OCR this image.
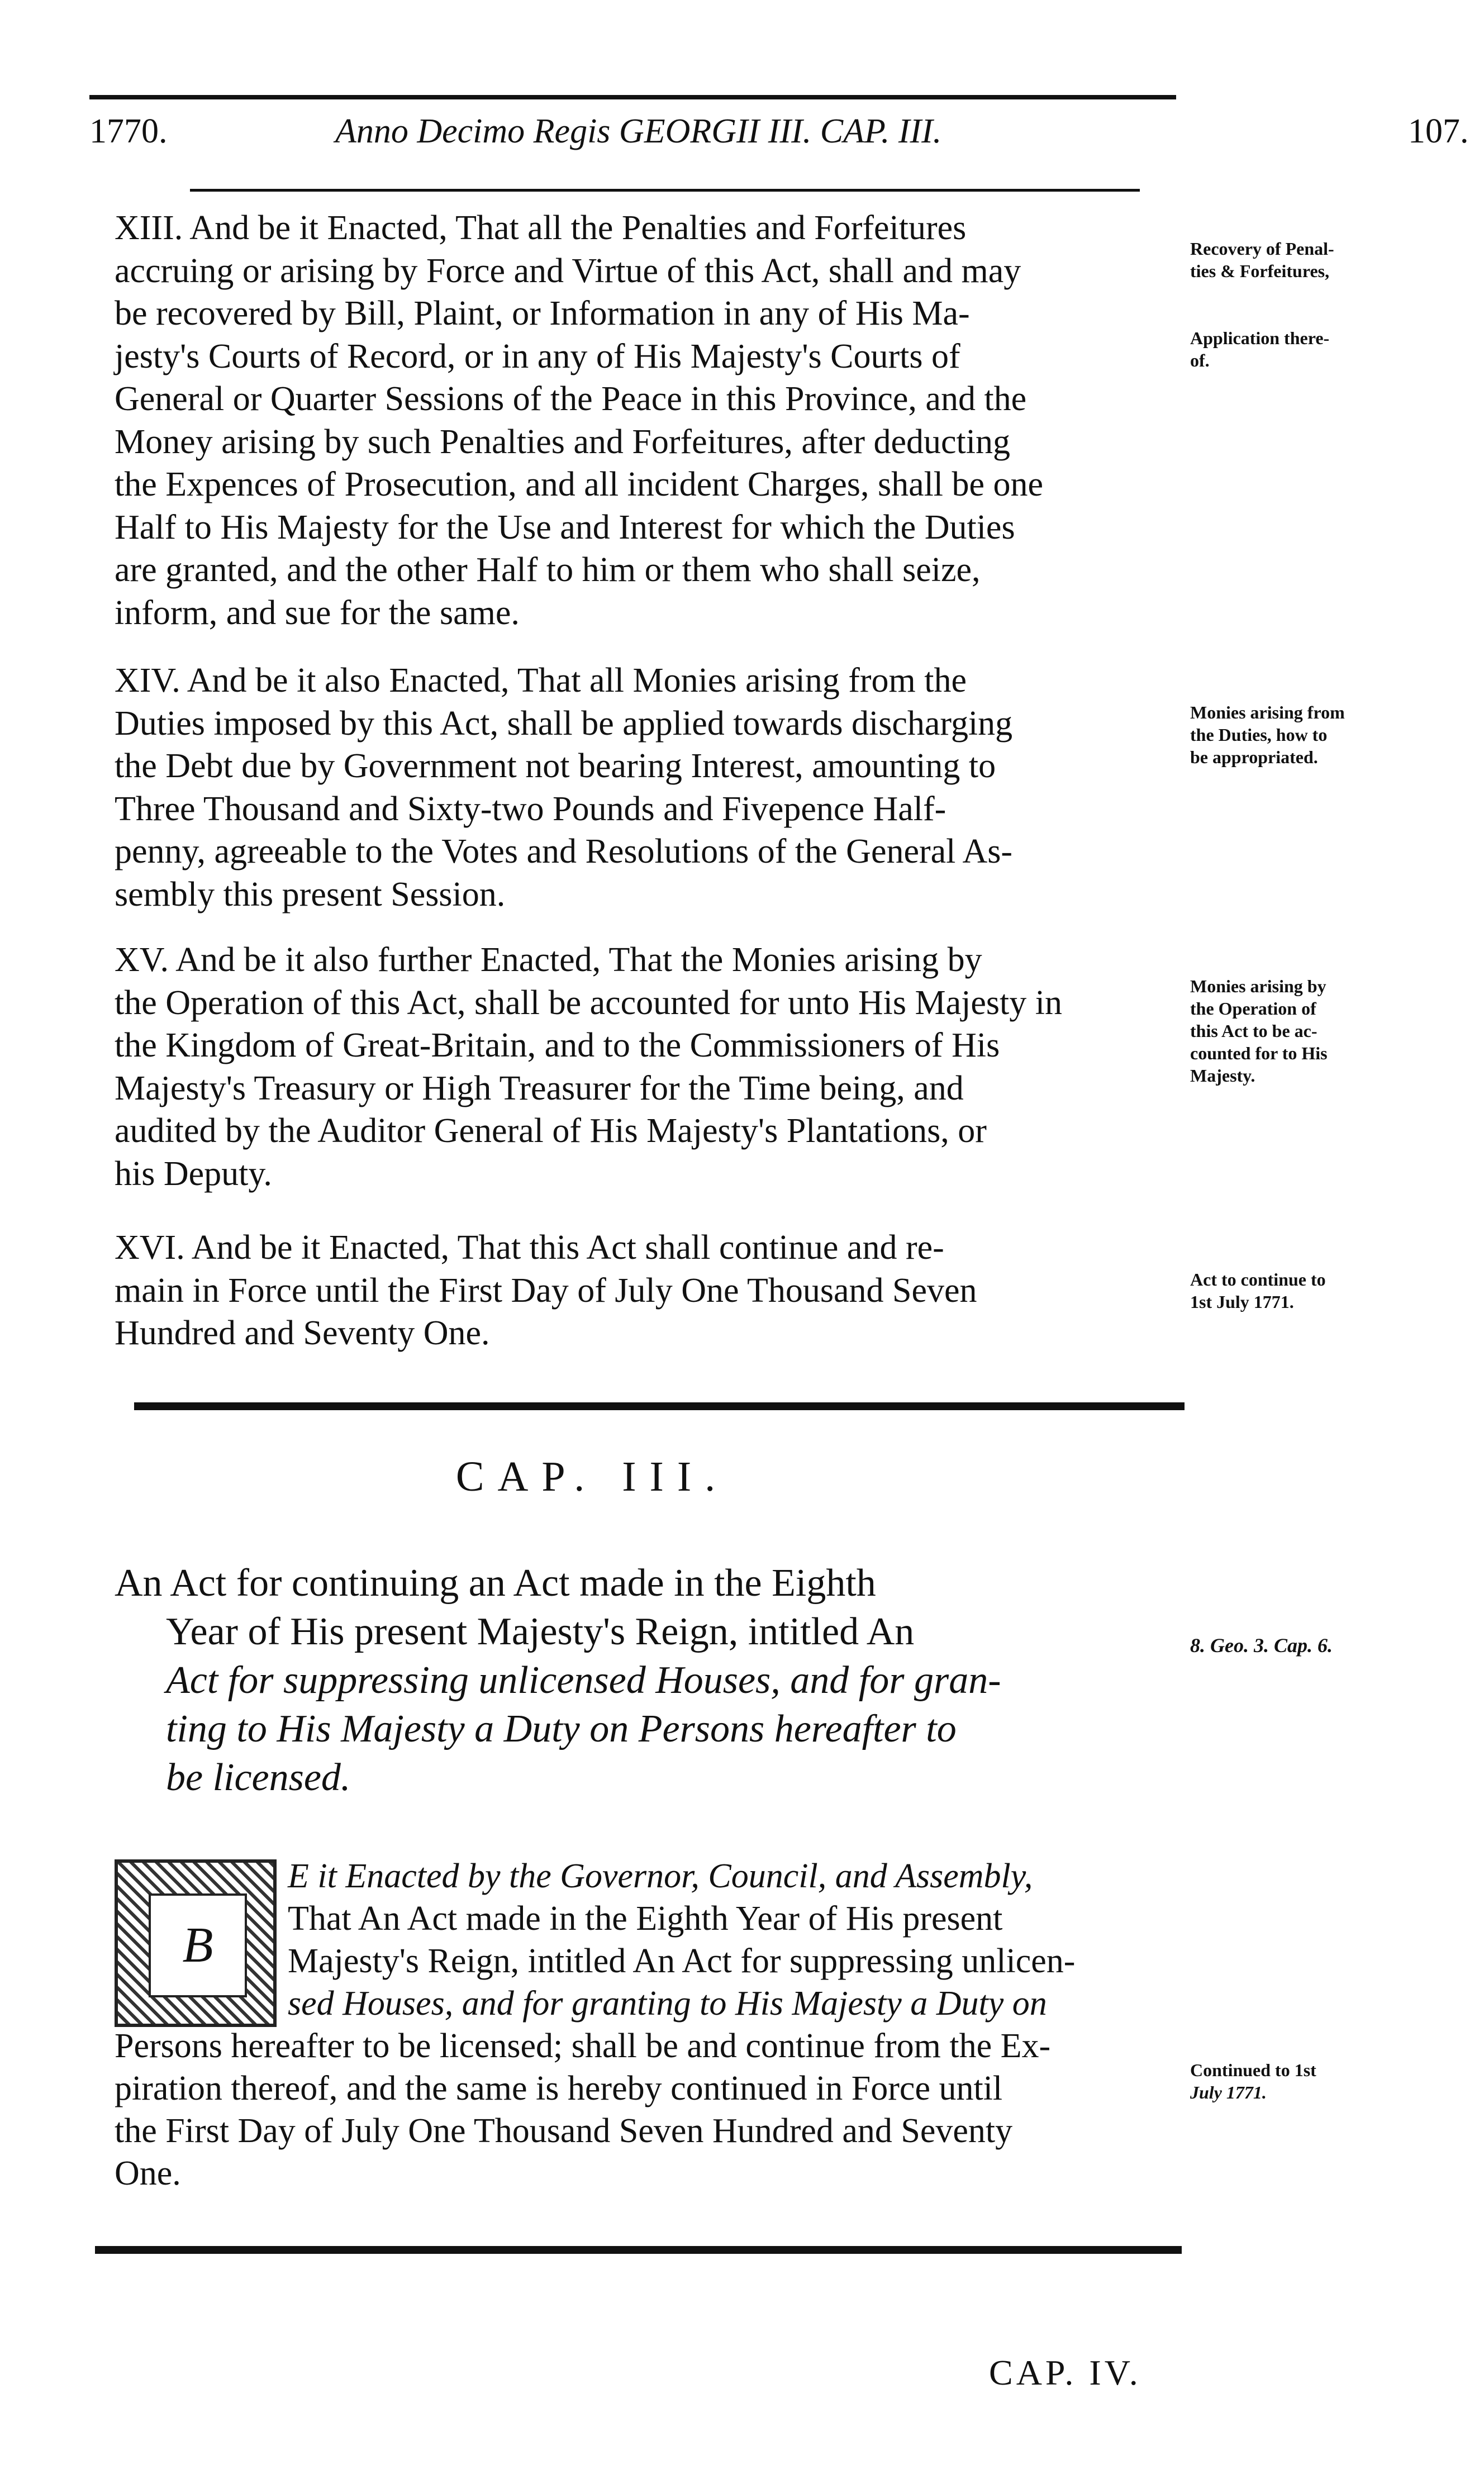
1770.	Anno Decimo Regis GEORGII III. CAP. III.	107.

XIII. And be it Enacted, That all the Penalties and Forfeitures

accruing or arising by Force and Virtue of this Act, shall and may

be recovered by Bill, Plaint, or Information in any of His Ma-

jesty's Courts of Record, or in any of His Majesty's Courts of

General or Quarter Sessions of the Peace in this Province, and the

Money arising by such Penalties and Forfeitures, after deducting

the Expences of Prosecution, and all incident Charges, shall be one

Half to His Majesty for the Use and Interest for which the Duties

are granted, and the other Half to him or them who shall seize,

inform, and sue for the same.

Recovery of Penal-
ties & Forfeitures,
Application there-
of.

XIV. And be it also Enacted, That all Monies arising from the

Duties imposed by this Act, shall be applied towards discharging

the Debt due by Government not bearing Interest, amounting to

Three Thousand and Sixty-two Pounds and Fivepence Half-

penny, agreeable to the Votes and Resolutions of the General As-

sembly this present Session.

Monies arising from
the Duties, how to
be appropriated.

XV. And be it also further Enacted, That the Monies arising by

the Operation of this Act, shall be accounted for unto His Majesty in

the Kingdom of Great-Britain, and to the Commissioners of His

Majesty's Treasury or High Treasurer for the Time being, and

audited by the Auditor General of His Majesty's Plantations, or

his Deputy.

Monies arising by
the Operation of
this Act to be ac-
counted for to His
Majesty.

XVI. And be it Enacted, That this Act shall continue and re-

main in Force until the First Day of July One Thousand Seven

Hundred and Seventy One.

Act to continue to
1st July 1771.
CAP. III.
An Act for continuing an Act made in the Eighth
Year of His present Majesty's Reign, intitled An
Act for suppressing unlicensed Houses, and for gran-
ting to His Majesty a Duty on Persons hereafter to
be licensed.
8. Geo. 3. Cap. 6.
B
E it Enacted by the Governor, Council, and Assembly,
That An Act made in the Eighth Year of His present
Majesty's Reign, intitled An Act for suppressing unlicen-
sed Houses, and for granting to His Majesty a Duty on
Persons hereafter to be licensed; shall be and continue from the Ex-
piration thereof, and the same is hereby continued in Force until
the First Day of July One Thousand Seven Hundred and Seventy
One.
Continued to 1st
July 1771.
CAP. IV.
